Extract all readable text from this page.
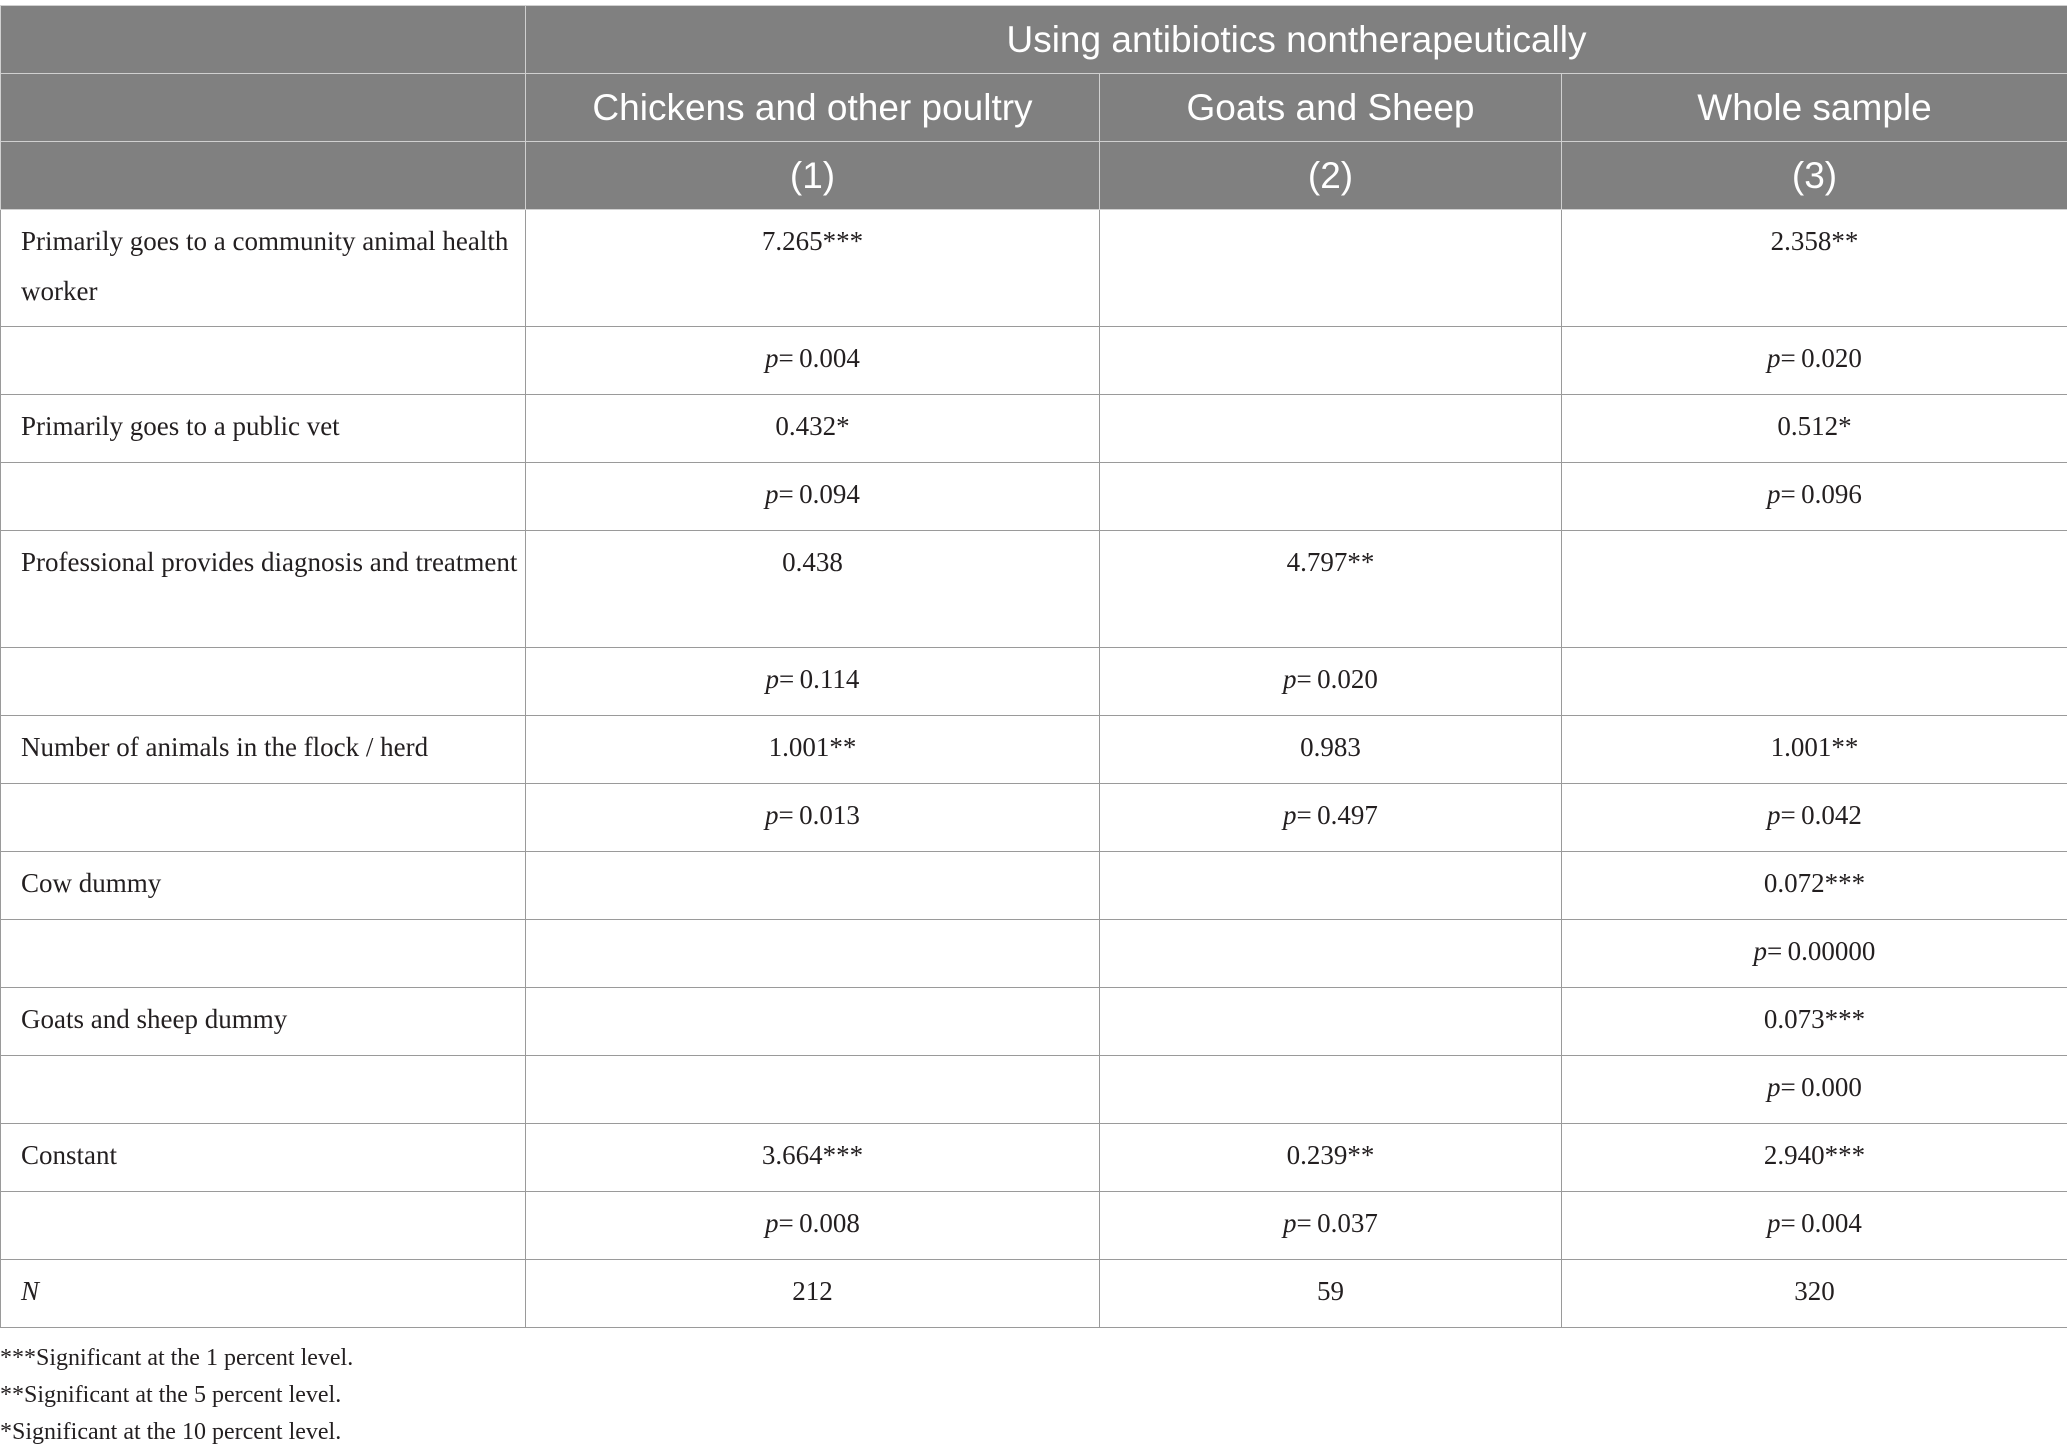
	Using antibiotics nontherapeutically		
	Chickens and other poultry	Goats and Sheep	Whole sample
	(1)	(2)	(3)
Primarily goes to a community animal health worker	7.265***		2.358**
	p= 0.004		p= 0.020
Primarily goes to a public vet	0.432*		0.512*
	p= 0.094		p= 0.096
Professional provides diagnosis and treatment	0.438	4.797**	
	p= 0.114	p= 0.020	
Number of animals in the flock / herd	1.001**	0.983	1.001**
	p= 0.013	p= 0.497	p= 0.042
Cow dummy			0.072***
			p= 0.00000
Goats and sheep dummy			0.073***
			p= 0.000
Constant	3.664***	0.239**	2.940***
	p= 0.008	p= 0.037	p= 0.004
N	212	59	320
***Significant at the 1 percent level.
**Significant at the 5 percent level.
*Significant at the 10 percent level.
